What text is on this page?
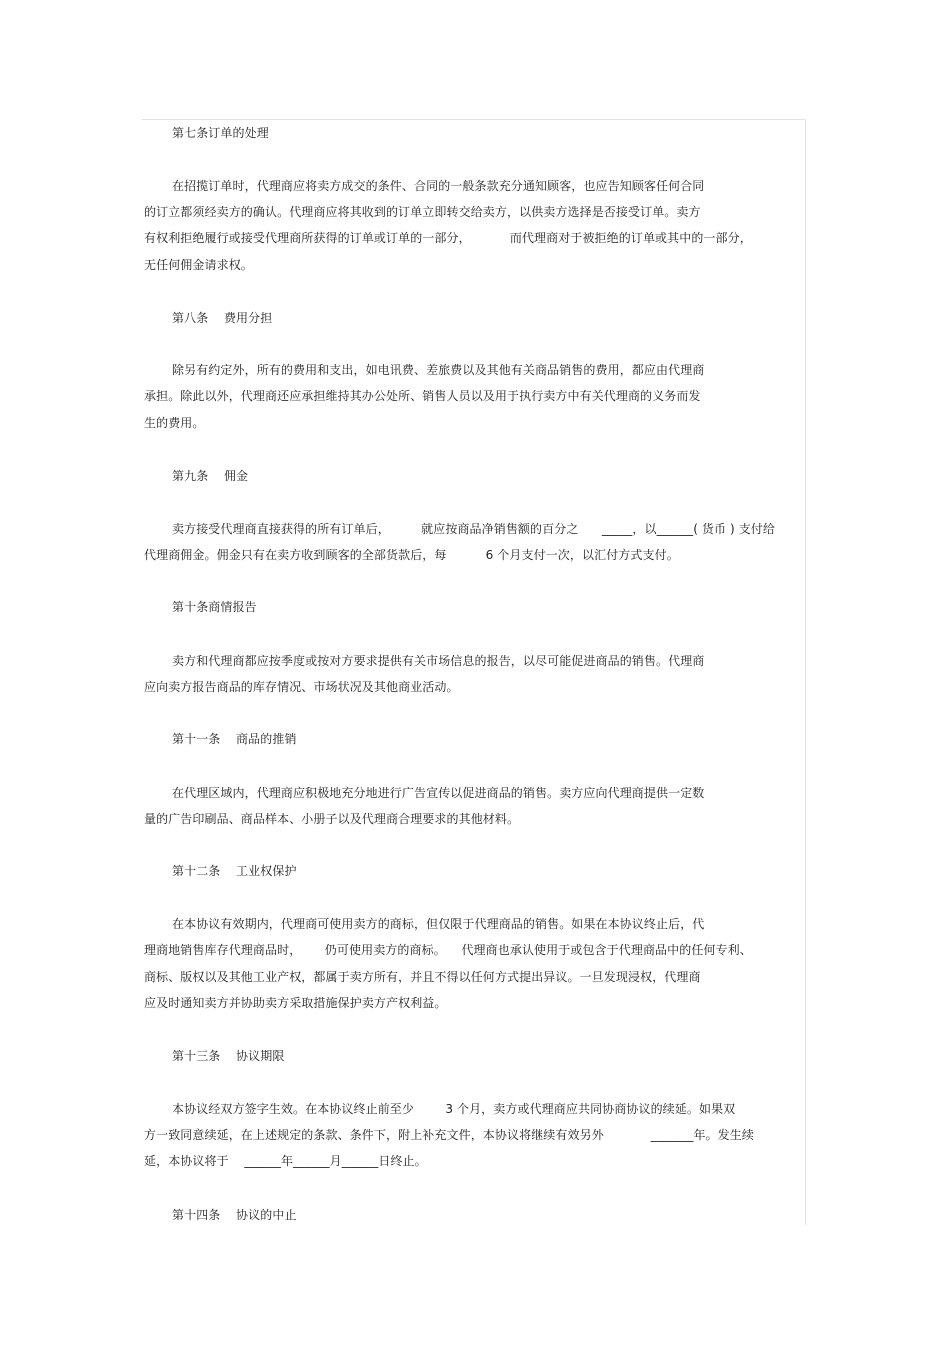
第七条订单的处理
在招揽订单时，代理商应将卖方成交的条件、合同的一般条款充分通知顾客，也应告知顾客任何合同
的订立都须经卖方的确认。代理商应将其收到的订单立即转交给卖方，以供卖方选择是否接受订单。卖方
有权利拒绝履行或接受代理商所获得的订单或订单的一部分，          而代理商对于被拒绝的订单或其中的一部分，
无任何佣金请求权。
第八条    费用分担
除另有约定外，所有的费用和支出，如电讯费、差旅费以及其他有关商品销售的费用，都应由代理商
承担。除此以外，代理商还应承担维持其办公处所、销售人员以及用于执行卖方中有关代理商的义务而发
生的费用。
第九条    佣金
卖方接受代理商直接获得的所有订单后，        就应按商品净销售额的百分之      _____，以______( 货币 ) 支付给
代理商佣金。佣金只有在卖方收到顾客的全部货款后，每          6 个月支付一次，以汇付方式支付。
第十条商情报告
卖方和代理商都应按季度或按对方要求提供有关市场信息的报告，以尽可能促进商品的销售。代理商
应向卖方报告商品的库存情况、市场状况及其他商业活动。
第十一条    商品的推销
在代理区域内，代理商应积极地充分地进行广告宣传以促进商品的销售。卖方应向代理商提供一定数
量的广告印刷品、商品样本、小册子以及代理商合理要求的其他材料。
第十二条    工业权保护
在本协议有效期内，代理商可使用卖方的商标，但仅限于代理商品的销售。如果在本协议终止后，代
理商地销售库存代理商品时，      仍可使用卖方的商标。    代理商也承认使用于或包含于代理商品中的任何专利、
商标、版权以及其他工业产权，都属于卖方所有，并且不得以任何方式提出异议。一旦发现浸权，代理商
应及时通知卖方并协助卖方采取措施保护卖方产权利益。
第十三条    协议期限
本协议经双方签字生效。在本协议终止前至少        3 个月，卖方或代理商应共同协商协议的续延。如果双
方一致同意续延，在上述规定的条款、条件下，附上补充文件，本协议将继续有效另外            _______年。发生续
延，本协议将于    ______年______月______日终止。
第十四条    协议的中止
